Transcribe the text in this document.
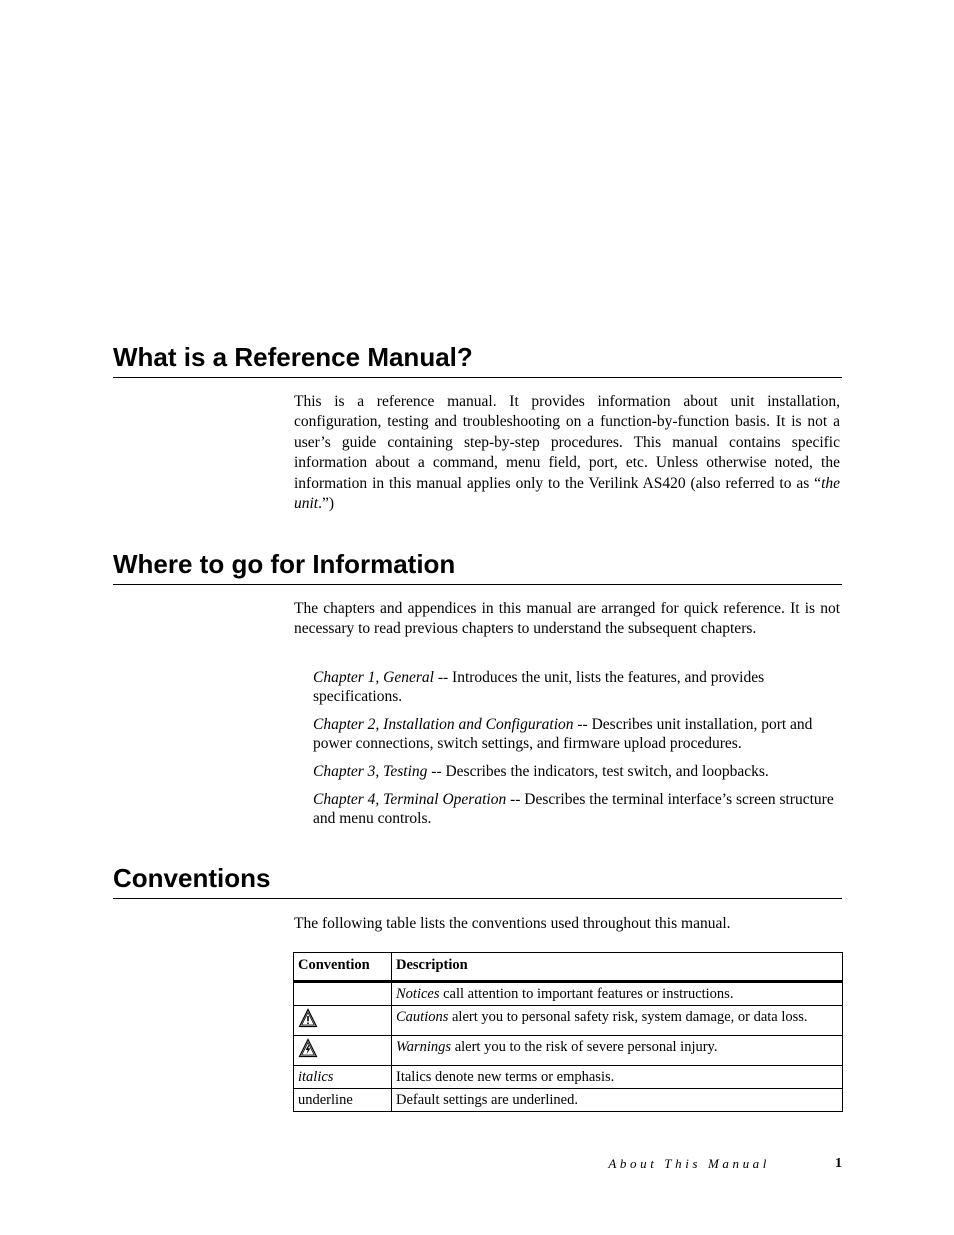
What is a Reference Manual?

This is a reference manual. It provides information about unit installation, configuration, testing and troubleshooting on a function-by-function basis. It is not a user’s guide containing step-by-step procedures. This manual contains specific information about a command, menu field, port, etc. Unless otherwise noted, the information in this manual applies only to the Verilink AS420 (also referred to as “the unit.”)

Where to go for Information

The chapters and appendices in this manual are arranged for quick reference. It is not necessary to read previous chapters to understand the subsequent chapters.

Chapter 1, General -- Introduces the unit, lists the features, and provides specifications.

Chapter 2, Installation and Configuration -- Describes unit installation, port and power connections, switch settings, and firmware upload procedures.

Chapter 3, Testing -- Describes the indicators, test switch, and loopbacks.

Chapter 4, Terminal Operation -- Describes the terminal interface’s screen structure and menu controls.

Conventions

The following table lists the conventions used throughout this manual.

Convention	Description
	Notices call attention to important features or instructions.
	Cautions alert you to personal safety risk, system damage, or data loss.
	Warnings alert you to the risk of severe personal injury.
italics	Italics denote new terms or emphasis.
underline	Default settings are underlined.
About This Manual	1
